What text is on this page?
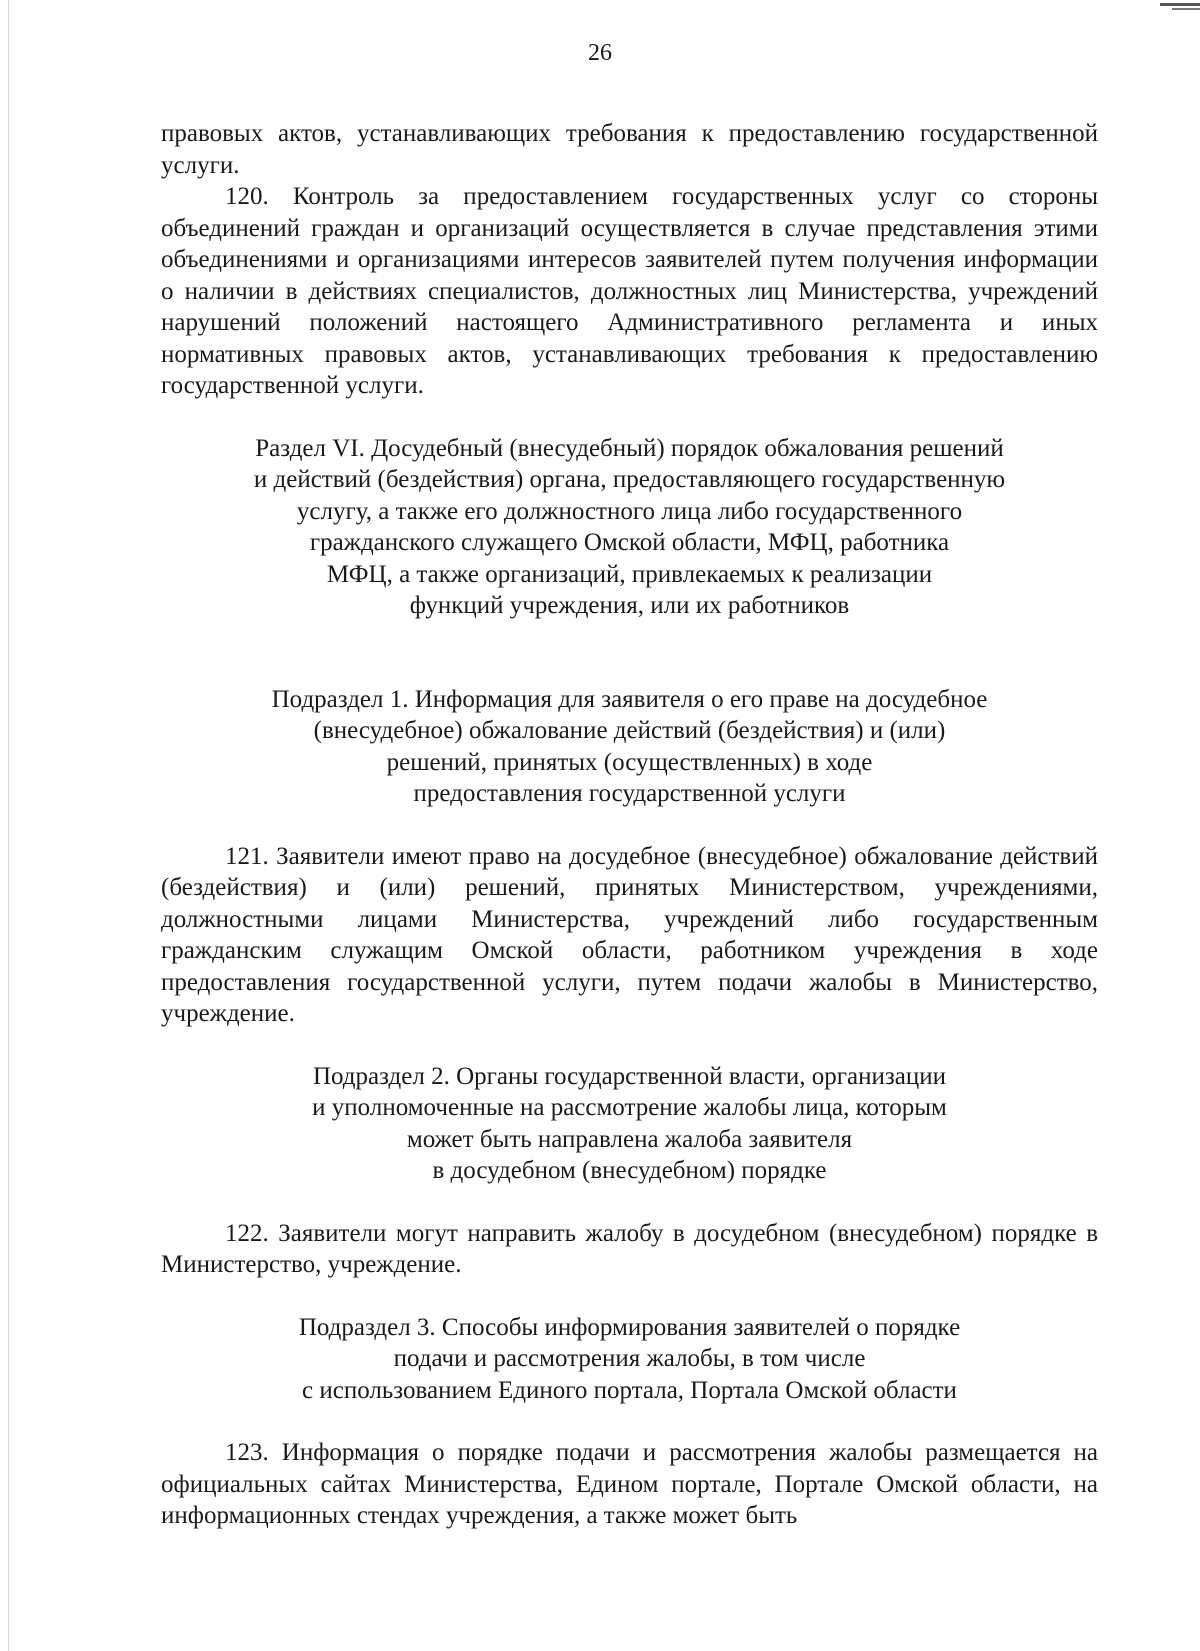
26

правовых актов, устанавливающих требования к предоставлению государственной услуги.

120. Контроль за предоставлением государственных услуг со стороны объединений граждан и организаций осуществляется в случае представления этими объединениями и организациями интересов заявителей путем получения информации о наличии в действиях специалистов, должностных лиц Министерства, учреждений нарушений положений настоящего Административного регламента и иных нормативных правовых актов, устанавливающих требования к предоставлению государственной услуги.

Раздел VI. Досудебный (внесудебный) порядок обжалования решений
и действий (бездействия) органа, предоставляющего государственную
услугу, а также его должностного лица либо государственного
гражданского служащего Омской области, МФЦ, работника
МФЦ, а также организаций, привлекаемых к реализации
функций учреждения, или их работников
Подраздел 1. Информация для заявителя о его праве на досудебное
(внесудебное) обжалование действий (бездействия) и (или)
решений, принятых (осуществленных) в ходе
предоставления государственной услуги

121. Заявители имеют право на досудебное (внесудебное) обжалование действий (бездействия) и (или) решений, принятых Министерством, учреждениями, должностными лицами Министерства, учреждений либо государственным гражданским служащим Омской области, работником учреждения в ходе предоставления государственной услуги, путем подачи жалобы в Министерство, учреждение.

Подраздел 2. Органы государственной власти, организации
и уполномоченные на рассмотрение жалобы лица, которым
может быть направлена жалоба заявителя
в досудебном (внесудебном) порядке

122. Заявители могут направить жалобу в досудебном (внесудебном) порядке в Министерство, учреждение.

Подраздел 3. Способы информирования заявителей о порядке
подачи и рассмотрения жалобы, в том числе
с использованием Единого портала, Портала Омской области

123. Информация о порядке подачи и рассмотрения жалобы размещается на официальных сайтах Министерства, Едином портале, Портале Омской области, на информационных стендах учреждения, а также может быть
